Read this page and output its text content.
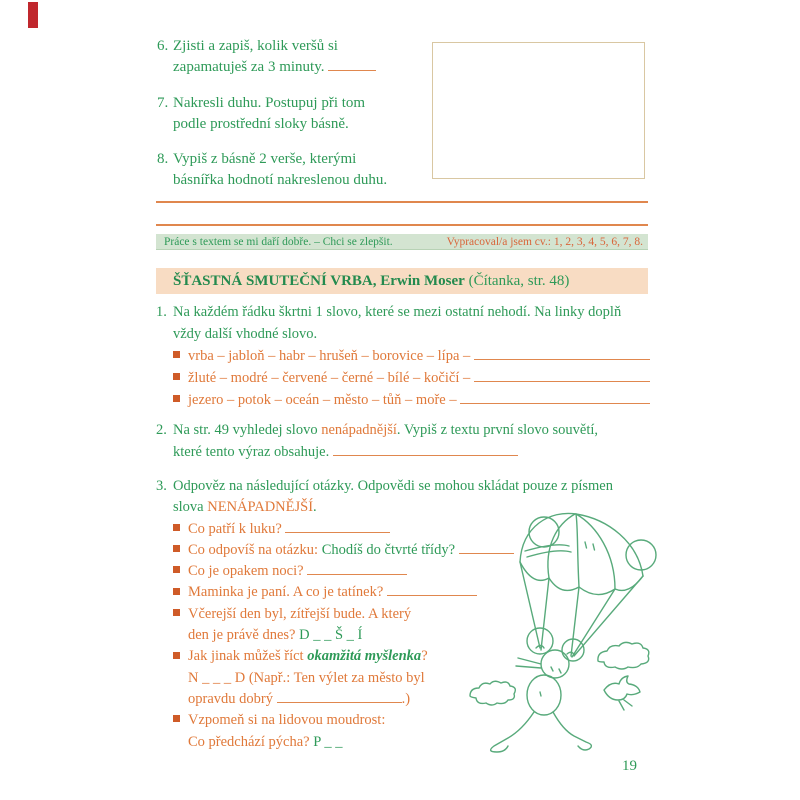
6. Zjisti a zapiš, kolik veršů si
zapamatuješ za 3 minuty.
7. Nakresli duhu. Postupuj při tom
podle prostřední sloky básně.
8. Vypiš z básně 2 verše, kterými
básnířka hodnotí nakreslenou duhu.
Práce s textem se mi daří dobře. – Chci se zlepšit.	Vypracoval/a jsem cv.: 1, 2, 3, 4, 5, 6, 7, 8.
ŠŤASTNÁ SMUTEČNÍ VRBA, Erwin Moser (Čítanka, str. 48)
1. Na každém řádku škrtni 1 slovo, které se mezi ostatní nehodí. Na linky doplň
vždy další vhodné slovo.
vrba – jabloň – habr – hrušeň – borovice – lípa –
žluté – modré – červené – černé – bílé – kočičí –
jezero – potok – oceán – město – tůň – moře –
2. Na str. 49 vyhledej slovo nenápadnější. Vypiš z textu první slovo souvětí,
které tento výraz obsahuje.
3. Odpověz na následující otázky. Odpovědi se mohou skládat pouze z písmen
slova NENÁPADNĚJŠÍ.
Co patří k luku?
Co odpovíš na otázku: Chodíš do čtvrté třídy?
Co je opakem noci?
Maminka je paní. A co je tatínek?
Včerejší den byl, zítřejší bude. A který
den je právě dnes? D _ _ Š _ Í
Jak jinak můžeš říct okamžitá myšlenka ?
N _ _ _ D (Např.: Ten výlet za město byl
opravdu dobrý	.)
Vzpomeň si na lidovou moudrost:
Co předchází pýcha? P _ _
19
